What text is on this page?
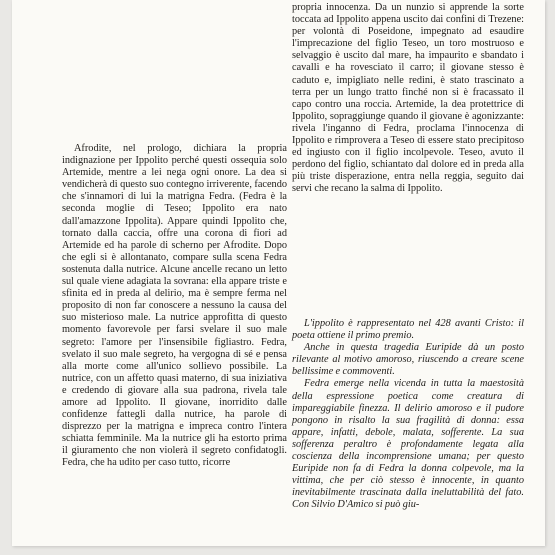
Afrodite, nel prologo, dichiara la propria indignazione per Ippolito perché questi ossequia solo Artemide, mentre a lei nega ogni onore. La dea si vendicherà di questo suo contegno irriverente, facendo che s'innamori di lui la matrigna Fedra. (Fedra è la seconda moglie di Teseo; Ippolito era nato dall'amazzone Ippolita). Appare quindi Ippolito che, tornato dalla caccia, offre una corona di fiori ad Artemide ed ha parole di scherno per Afrodite. Dopo che egli si è allontanato, compare sulla scena Fedra sostenuta dalla nutrice. Alcune ancelle recano un letto sul quale viene adagiata la sovrana: ella appare triste e sfinita ed in preda al delirio, ma è sempre ferma nel proposito di non far conoscere a nessuno la causa del suo misterioso male. La nutrice approfitta di questo momento favorevole per farsi svelare il suo male segreto: l'amore per l'insensibile figliastro. Fedra, svelato il suo male segreto, ha vergogna di sé e pensa alla morte come all'unico sollievo possibile. La nutrice, con un affetto quasi materno, di sua iniziativa e credendo di giovare alla sua padrona, rivela tale amore ad Ippolito. Il giovane, inorridito dalle confidenze fattegli dalla nutrice, ha parole di disprezzo per la matrigna e impreca contro l'intera schiatta femminile. Ma la nutrice gli ha estorto prima il giuramento che non violerà il segreto confidatogli. Fedra, che ha udito per caso tutto, ricorre

propria innocenza. Da un nunzio si apprende la sorte toccata ad Ippolito appena uscito dai confini di Trezene: per volontà di Poseidone, impegnato ad esaudire l'imprecazione del figlio Teseo, un toro mostruoso e selvaggio è uscito dal mare, ha impaurito e sbandato i cavalli e ha rovesciato il carro; il giovane stesso è caduto e, impigliato nelle redini, è stato trascinato a terra per un lungo tratto finché non si è fracassato il capo contro una roccia. Artemide, la dea protettrice di Ippolito, sopraggiunge quando il giovane è agonizzante: rivela l'inganno di Fedra, proclama l'innocenza di Ippolito e rimprovera a Teseo di essere stato precipitoso ed ingiusto con il figlio incolpevole. Teseo, avuto il perdono del figlio, schiantato dal dolore ed in preda alla più triste disperazione, entra nella reggia, seguito dai servi che recano la salma di Ippolito.

L'ippolito è rappresentato nel 428 avanti Cristo: il poeta ottiene il primo premio.

Anche in questa tragedia Euripide dà un posto rilevante al motivo amoroso, riuscendo a creare scene bellissime e commoventi.

Fedra emerge nella vicenda in tutta la maestosità della espressione poetica come creatura di impareggiabile finezza. Il delirio amoroso e il pudore pongono in risalto la sua fragilità di donna: essa appare, infatti, debole, malata, sofferente. La sua sofferenza peraltro è profondamente legata alla coscienza della incomprensione umana; per questo Euripide non fa di Fedra la donna colpevole, ma la vittima, che per ciò stesso è innocente, in quanto inevitabilmente trascinata dalla ineluttabilità del fato. Con Silvio D'Amico si può giu-
